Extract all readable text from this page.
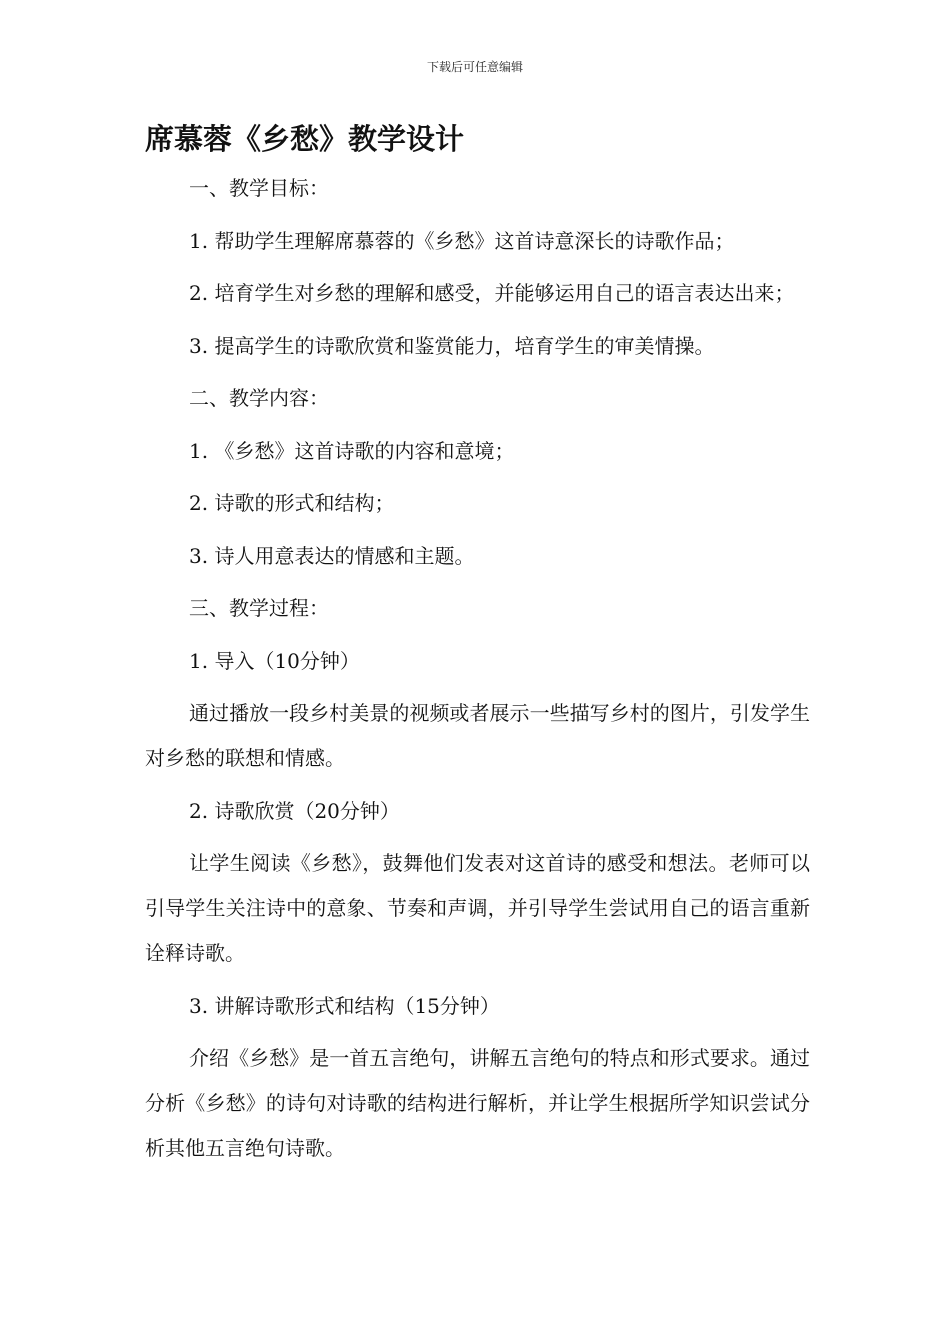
下载后可任意编辑
席慕蓉《乡愁》教学设计

一、教学目标：

1. 帮助学生理解席慕蓉的《乡愁》这首诗意深长的诗歌作品；

2. 培育学生对乡愁的理解和感受，并能够运用自己的语言表达出来；

3. 提高学生的诗歌欣赏和鉴赏能力，培育学生的审美情操。

二、教学内容：

1. 《乡愁》这首诗歌的内容和意境；

2. 诗歌的形式和结构；

3. 诗人用意表达的情感和主题。

三、教学过程：

1. 导入（10分钟）

通过播放一段乡村美景的视频或者展示一些描写乡村的图片，引发学生对乡愁的联想和情感。

2. 诗歌欣赏（20分钟）

让学生阅读《乡愁》，鼓舞他们发表对这首诗的感受和想法。老师可以引导学生关注诗中的意象、节奏和声调，并引导学生尝试用自己的语言重新诠释诗歌。

3. 讲解诗歌形式和结构（15分钟）

介绍《乡愁》是一首五言绝句，讲解五言绝句的特点和形式要求。通过分析《乡愁》的诗句对诗歌的结构进行解析，并让学生根据所学知识尝试分析其他五言绝句诗歌。
